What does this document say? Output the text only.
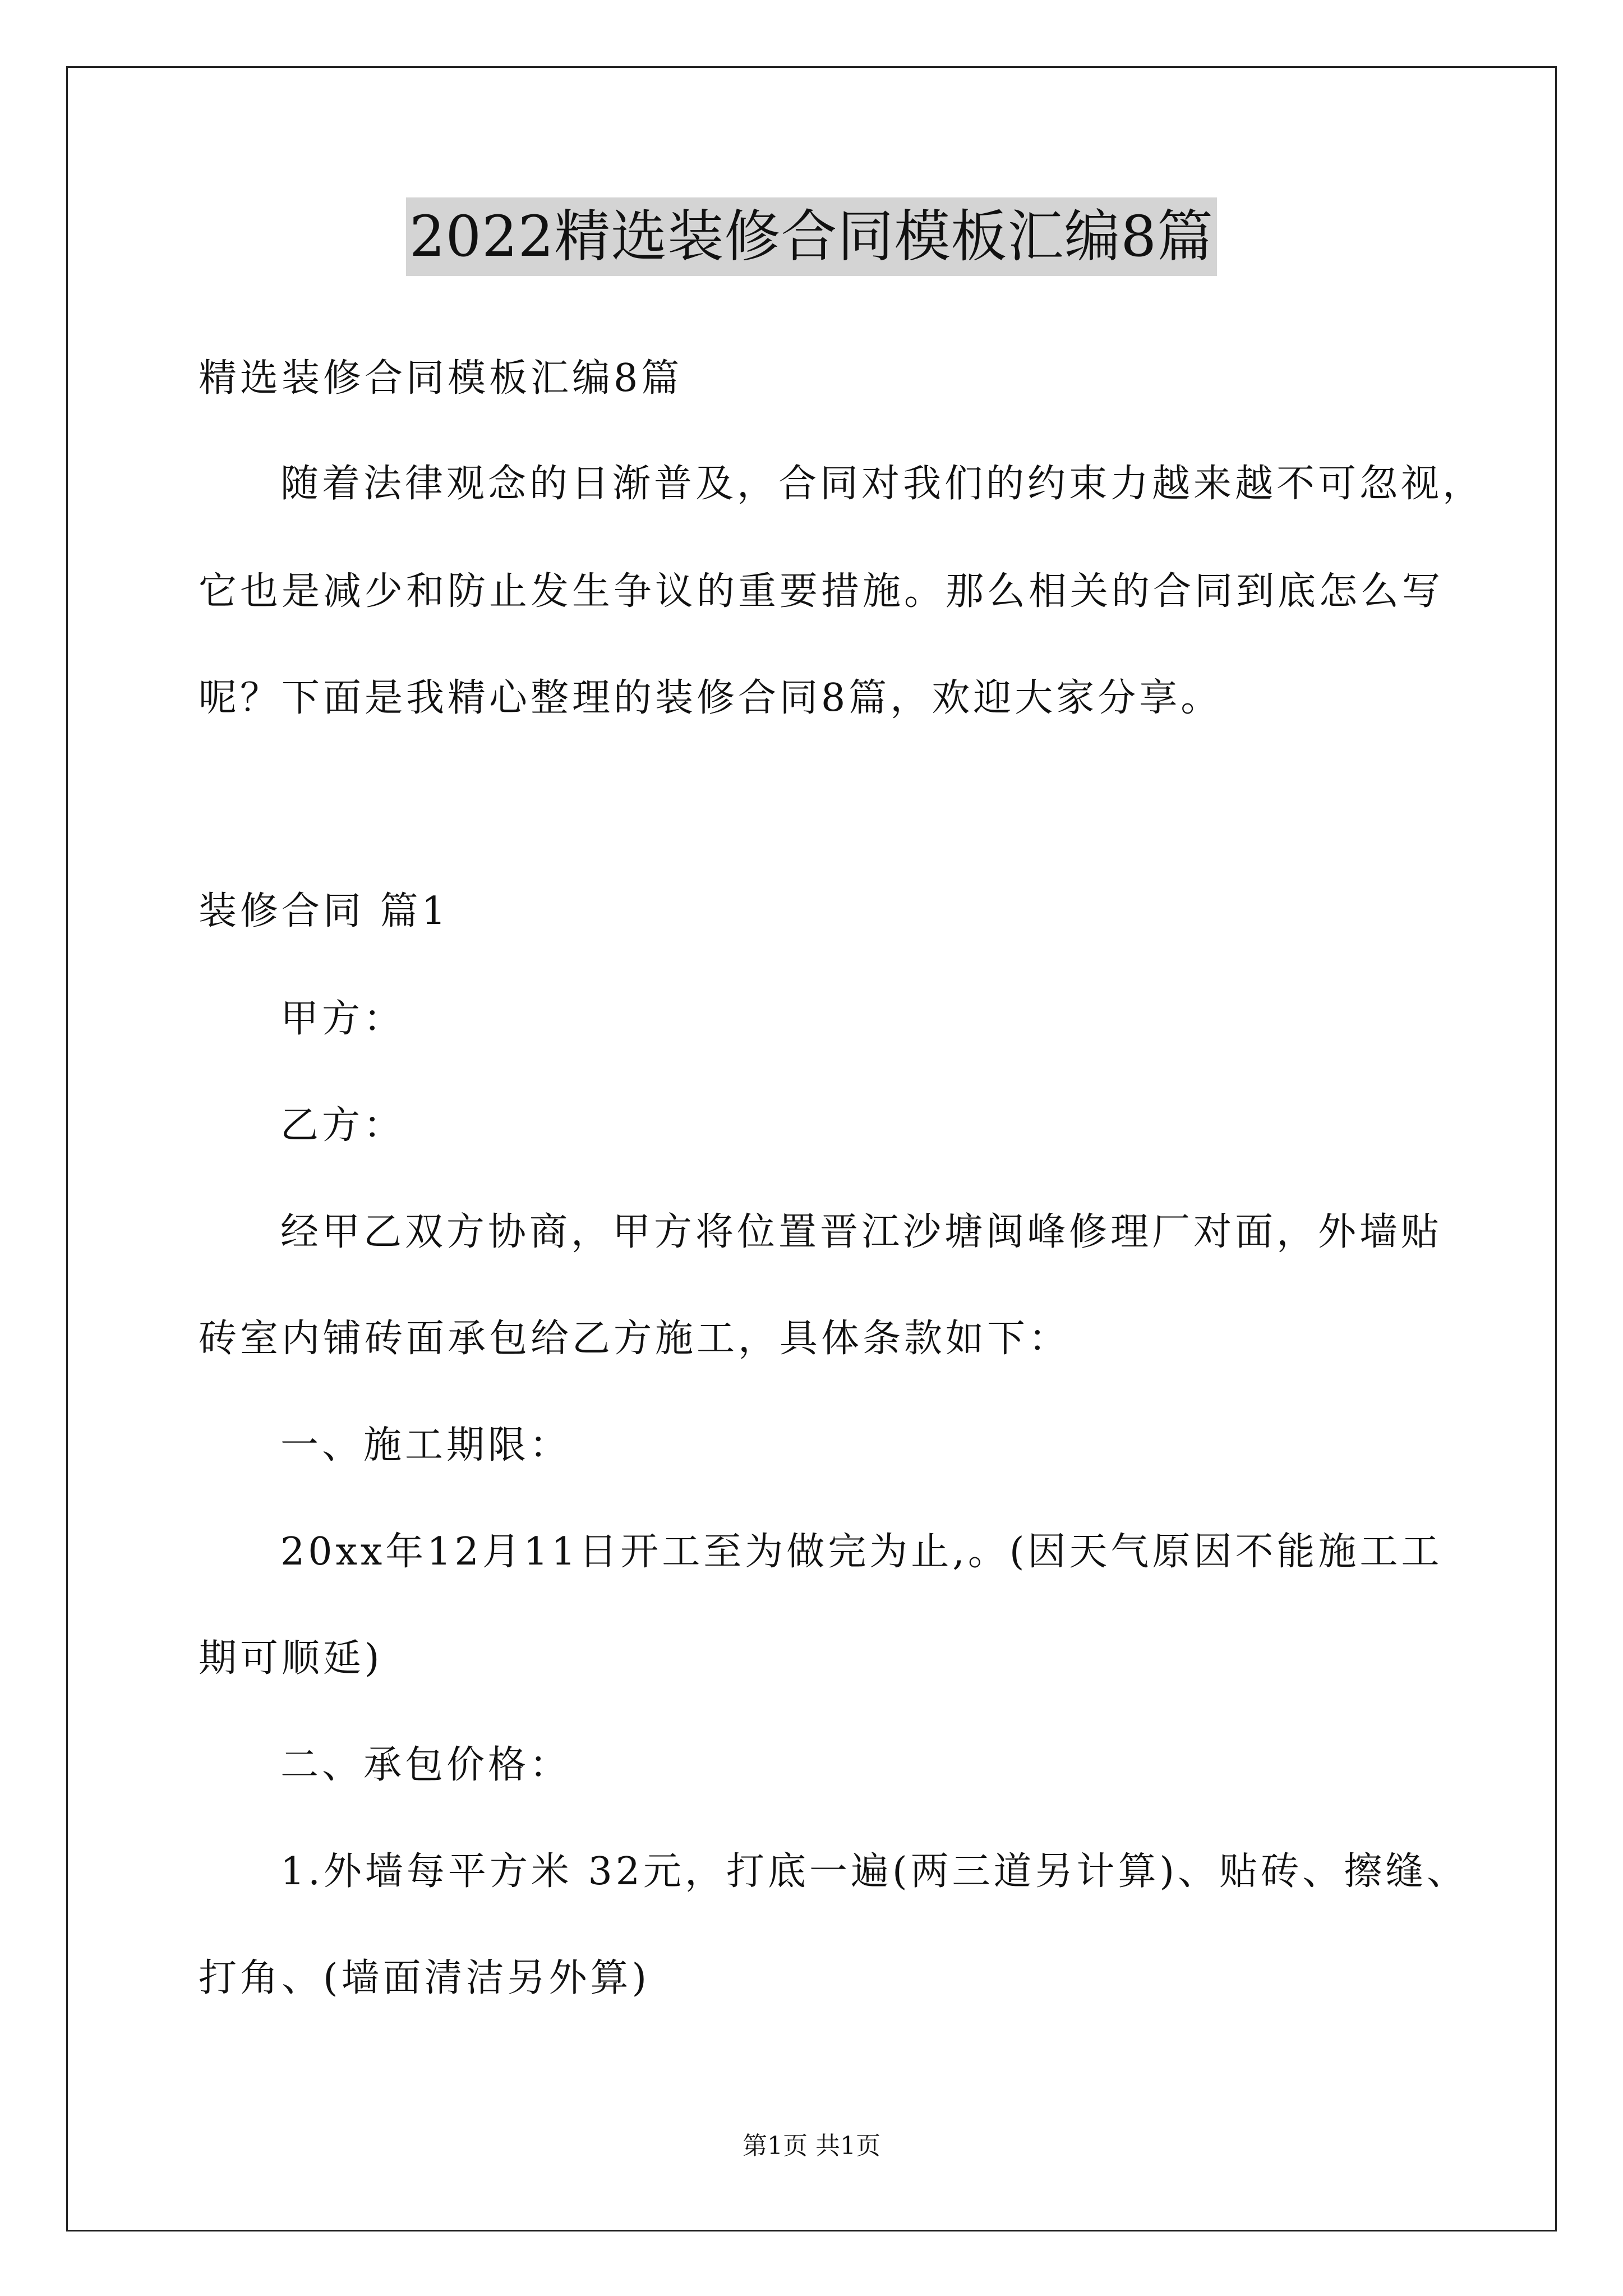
2022精选装修合同模板汇编8篇
精选装修合同模板汇编8篇
随着法律观念的日渐普及，合同对我们的约束力越来越不可忽视，
它也是减少和防止发生争议的重要措施。那么相关的合同到底怎么写
呢？下面是我精心整理的装修合同8篇，欢迎大家分享。
装修合同 篇1
甲方：
乙方：
经甲乙双方协商，甲方将位置晋江沙塘闽峰修理厂对面，外墙贴
砖室内铺砖面承包给乙方施工，具体条款如下：
一、施工期限：
20xx年12月11日开工至为做完为止,。(因天气原因不能施工工
期可顺延)
二、承包价格：
1.外墙每平方米 32元，打底一遍(两三道另计算)、贴砖、擦缝、
打角、(墙面清洁另外算)
第1页 共1页
